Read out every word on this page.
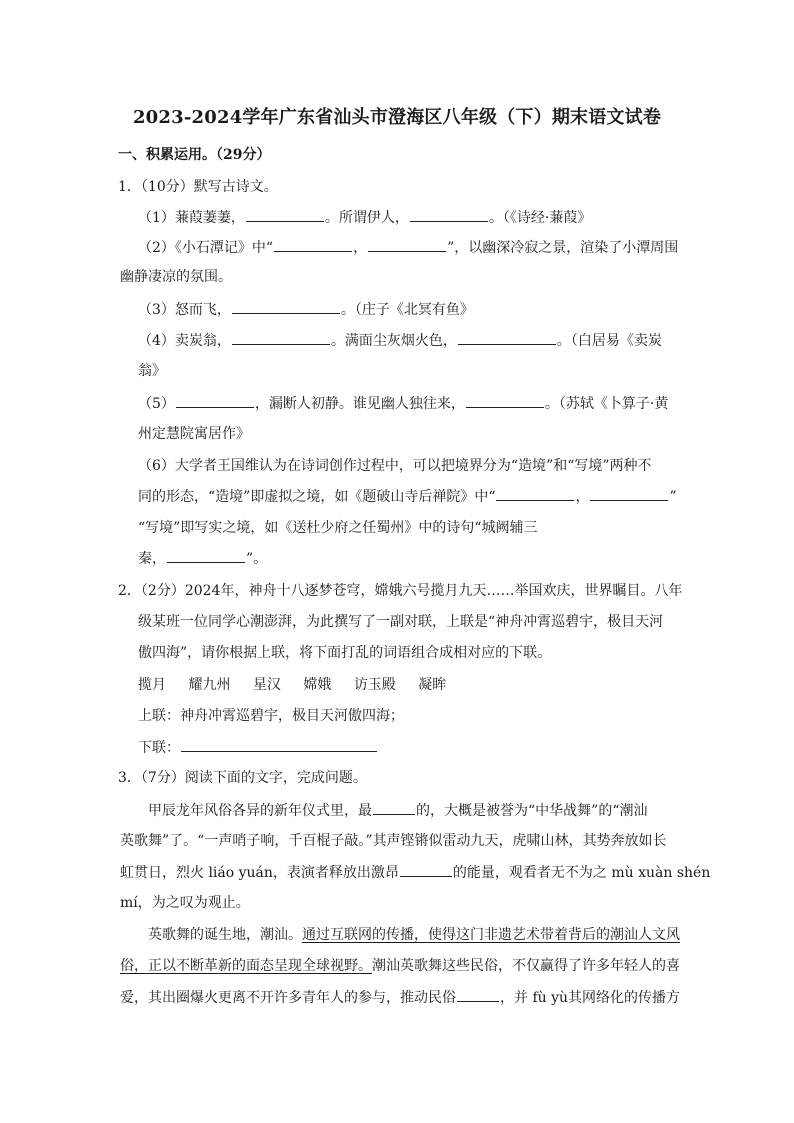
2023-2024学年广东省汕头市澄海区八年级（下）期末语文试卷
一、积累运用。（29分）
1．（10分）默写古诗文。
（1）蒹葭萋萋，	。所谓伊人，	。（《诗经·蒹葭》
（2）《小石潭记》中“	，	”，以幽深冷寂之景，渲染了小潭周围
幽静凄凉的氛围。
（3）怒而飞，	。（庄子《北冥有鱼》
（4）卖炭翁，	。满面尘灰烟火色，	。（白居易《卖炭
翁》
（5）	，漏断人初静。谁见幽人独往来，	。（苏轼《卜算子·黄
州定慧院寓居作》
（6）大学者王国维认为在诗词创作过程中，可以把境界分为“造境”和“写境”两种不
同的形态，“造境”即虚拟之境，如《题破山寺后禅院》中“	，	”
“写境”即写实之境，如《送杜少府之任蜀州》中的诗句“城阙辅三
秦，	”。
2．（2分）2024年，神舟十八逐梦苍穹，嫦娥六号揽月九天……举国欢庆，世界瞩目。八年
级某班一位同学心潮澎湃，为此撰写了一副对联，上联是“神舟冲霄巡碧宇，极目天河
傲四海”，请你根据上联，将下面打乱的词语组合成相对应的下联。
揽月 耀九州 星汉 嫦娥 访玉殿 凝眸
上联：神舟冲霄巡碧宇，极目天河傲四海；
下联：
3．（7分）阅读下面的文字，完成问题。
甲辰龙年风俗各异的新年仪式里，最	的，大概是被誉为“中华战舞”的“潮汕
英歌舞”了。“一声哨子响，千百棍子敲。”其声铿锵似雷动九天，虎啸山林，其势奔放如长
虹贯日，烈火 liáo yuán，表演者释放出激昂	的能量，观看者无不为之 mù xuàn shén
mí，为之叹为观止。
英歌舞的诞生地，潮汕。通过互联网的传播，使得这门非遗艺术带着背后的潮汕人文风
俗，正以不断革新的面态呈现全球视野。潮汕英歌舞这些民俗，不仅赢得了许多年轻人的喜
爱，其出圈爆火更离不开许多青年人的参与，推动民俗	，并 fù yù其网络化的传播方
